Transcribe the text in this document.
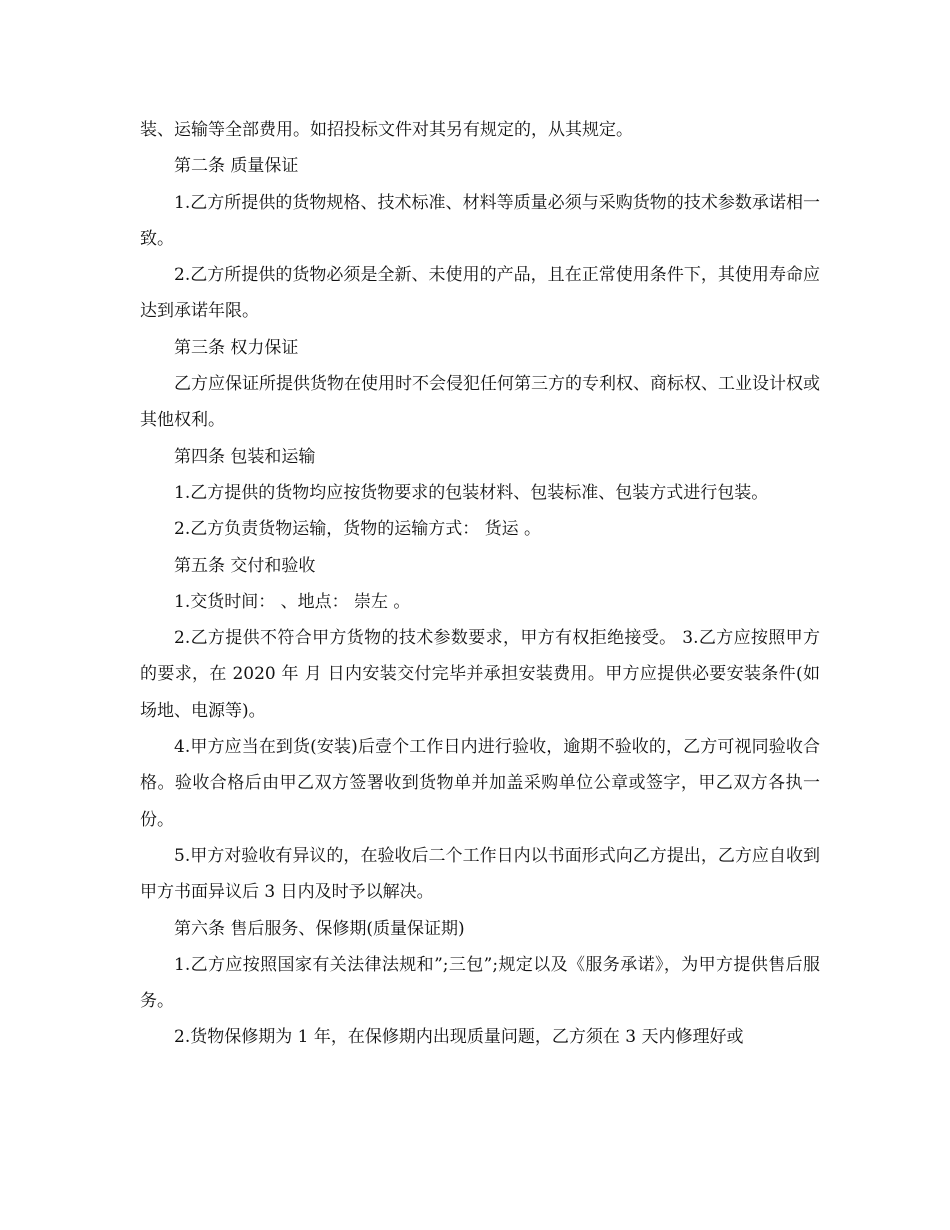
装、运输等全部费用。如招投标文件对其另有规定的，从其规定。

第二条 质量保证

1.乙方所提供的货物规格、技术标准、材料等质量必须与采购货物的技术参数承诺相一致。

2.乙方所提供的货物必须是全新、未使用的产品，且在正常使用条件下，其使用寿命应达到承诺年限。

第三条 权力保证

乙方应保证所提供货物在使用时不会侵犯任何第三方的专利权、商标权、工业设计权或其他权利。

第四条 包装和运输

1.乙方提供的货物均应按货物要求的包装材料、包装标准、包装方式进行包装。

2.乙方负责货物运输，货物的运输方式： 货运 。

第五条 交付和验收

1.交货时间： 、地点： 崇左 。

2.乙方提供不符合甲方货物的技术参数要求，甲方有权拒绝接受。 3.乙方应按照甲方的要求，在 2020 年 月 日内安装交付完毕并承担安装费用。甲方应提供必要安装条件(如场地、电源等)。

4.甲方应当在到货(安装)后壹个工作日内进行验收，逾期不验收的，乙方可视同验收合格。验收合格后由甲乙双方签署收到货物单并加盖采购单位公章或签字，甲乙双方各执一份。

5.甲方对验收有异议的，在验收后二个工作日内以书面形式向乙方提出，乙方应自收到甲方书面异议后 3 日内及时予以解决。

第六条 售后服务、保修期(质量保证期)

1.乙方应按照国家有关法律法规和”;三包”;规定以及《服务承诺》，为甲方提供售后服务。

2.货物保修期为 1 年，在保修期内出现质量问题，乙方须在 3 天内修理好或
